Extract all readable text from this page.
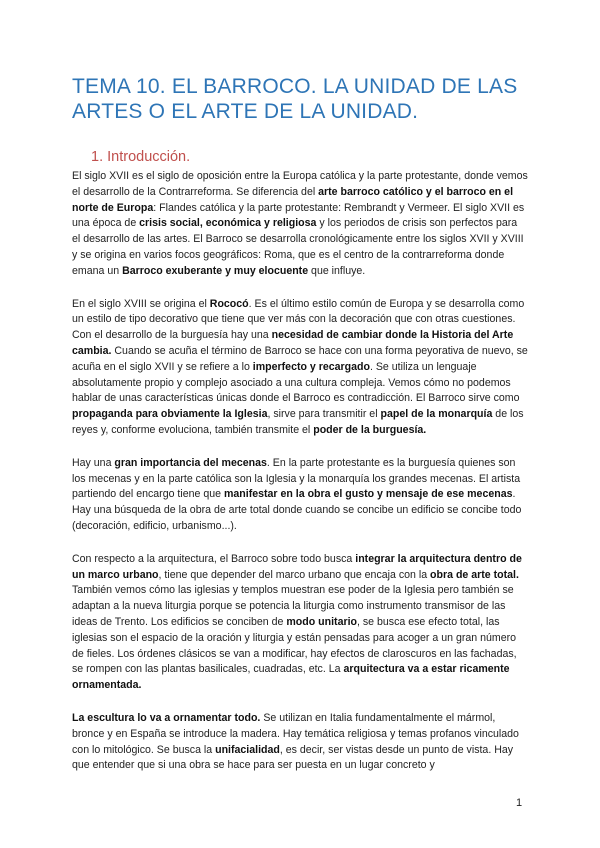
TEMA 10. EL BARROCO. LA UNIDAD DE LAS ARTES O EL ARTE DE LA UNIDAD.
1. Introducción.

El siglo XVII es el siglo de oposición entre la Europa católica y la parte protestante, donde vemos el desarrollo de la Contrarreforma. Se diferencia del arte barroco católico y el barroco en el norte de Europa: Flandes católica y la parte protestante: Rembrandt y Vermeer. El siglo XVII es una época de crisis social, económica y religiosa y los periodos de crisis son perfectos para el desarrollo de las artes. El Barroco se desarrolla cronológicamente entre los siglos XVII y XVIII y se origina en varios focos geográficos: Roma, que es el centro de la contrarreforma donde emana un Barroco exuberante y muy elocuente que influye.

En el siglo XVIII se origina el Rococó. Es el último estilo común de Europa y se desarrolla como un estilo de tipo decorativo que tiene que ver más con la decoración que con otras cuestiones. Con el desarrollo de la burguesía hay una necesidad de cambiar donde la Historia del Arte cambia. Cuando se acuña el término de Barroco se hace con una forma peyorativa de nuevo, se acuña en el siglo XVII y se refiere a lo imperfecto y recargado. Se utiliza un lenguaje absolutamente propio y complejo asociado a una cultura compleja. Vemos cómo no podemos hablar de unas características únicas donde el Barroco es contradicción. El Barroco sirve como propaganda para obviamente la Iglesia, sirve para transmitir el papel de la monarquía de los reyes y, conforme evoluciona, también transmite el poder de la burguesía.

Hay una gran importancia del mecenas. En la parte protestante es la burguesía quienes son los mecenas y en la parte católica son la Iglesia y la monarquía los grandes mecenas. El artista partiendo del encargo tiene que manifestar en la obra el gusto y mensaje de ese mecenas. Hay una búsqueda de la obra de arte total donde cuando se concibe un edificio se concibe todo (decoración, edificio, urbanismo...).

Con respecto a la arquitectura, el Barroco sobre todo busca integrar la arquitectura dentro de un marco urbano, tiene que depender del marco urbano que encaja con la obra de arte total. También vemos cómo las iglesias y templos muestran ese poder de la Iglesia pero también se adaptan a la nueva liturgia porque se potencia la liturgia como instrumento transmisor de las ideas de Trento. Los edificios se conciben de modo unitario, se busca ese efecto total, las iglesias son el espacio de la oración y liturgia y están pensadas para acoger a un gran número de fieles. Los órdenes clásicos se van a modificar, hay efectos de claroscuros en las fachadas, se rompen con las plantas basilicales, cuadradas, etc. La arquitectura va a estar ricamente ornamentada.

La escultura lo va a ornamentar todo. Se utilizan en Italia fundamentalmente el mármol, bronce y en España se introduce la madera. Hay temática religiosa y temas profanos vinculado con lo mitológico. Se busca la unifacialidad, es decir, ser vistas desde un punto de vista. Hay que entender que si una obra se hace para ser puesta en un lugar concreto y

1
